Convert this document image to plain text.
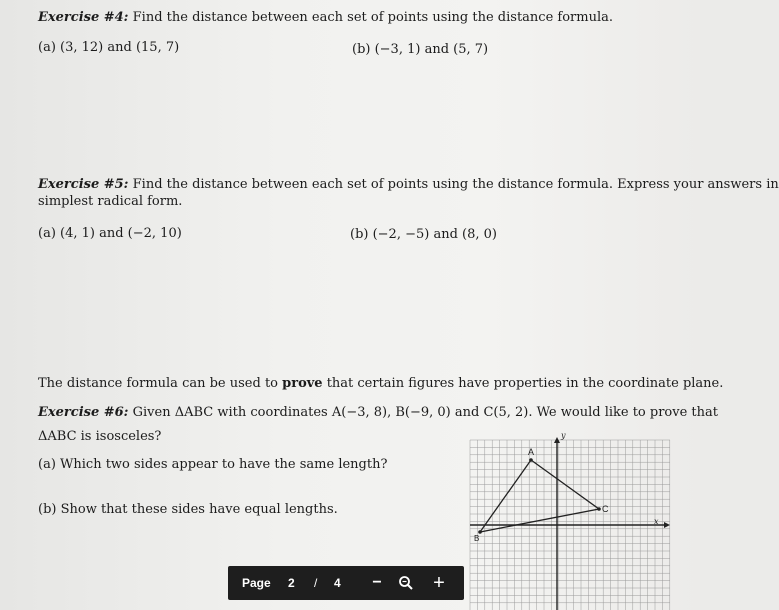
Exercise #4: Find the distance between each set of points using the distance formula.
(a) (3, 12) and (15, 7)	(b) (−3, 1) and (5, 7)
Exercise #5: Find the distance between each set of points using the distance formula. Express your answers in
simplest radical form.
(a) (4, 1) and (−2, 10)	(b) (−2, −5) and (8, 0)
The distance formula can be used to prove that certain figures have properties in the coordinate plane.
Exercise #6: Given ΔABC with coordinates A(−3, 8), B(−9, 0) and C(5, 2). We would like to prove that
ΔABC is isosceles?
(a) Which two sides appear to have the same length?
(b) Show that these sides have equal lengths.
x
y
A
B
C
Page 2 / 4 −	+
